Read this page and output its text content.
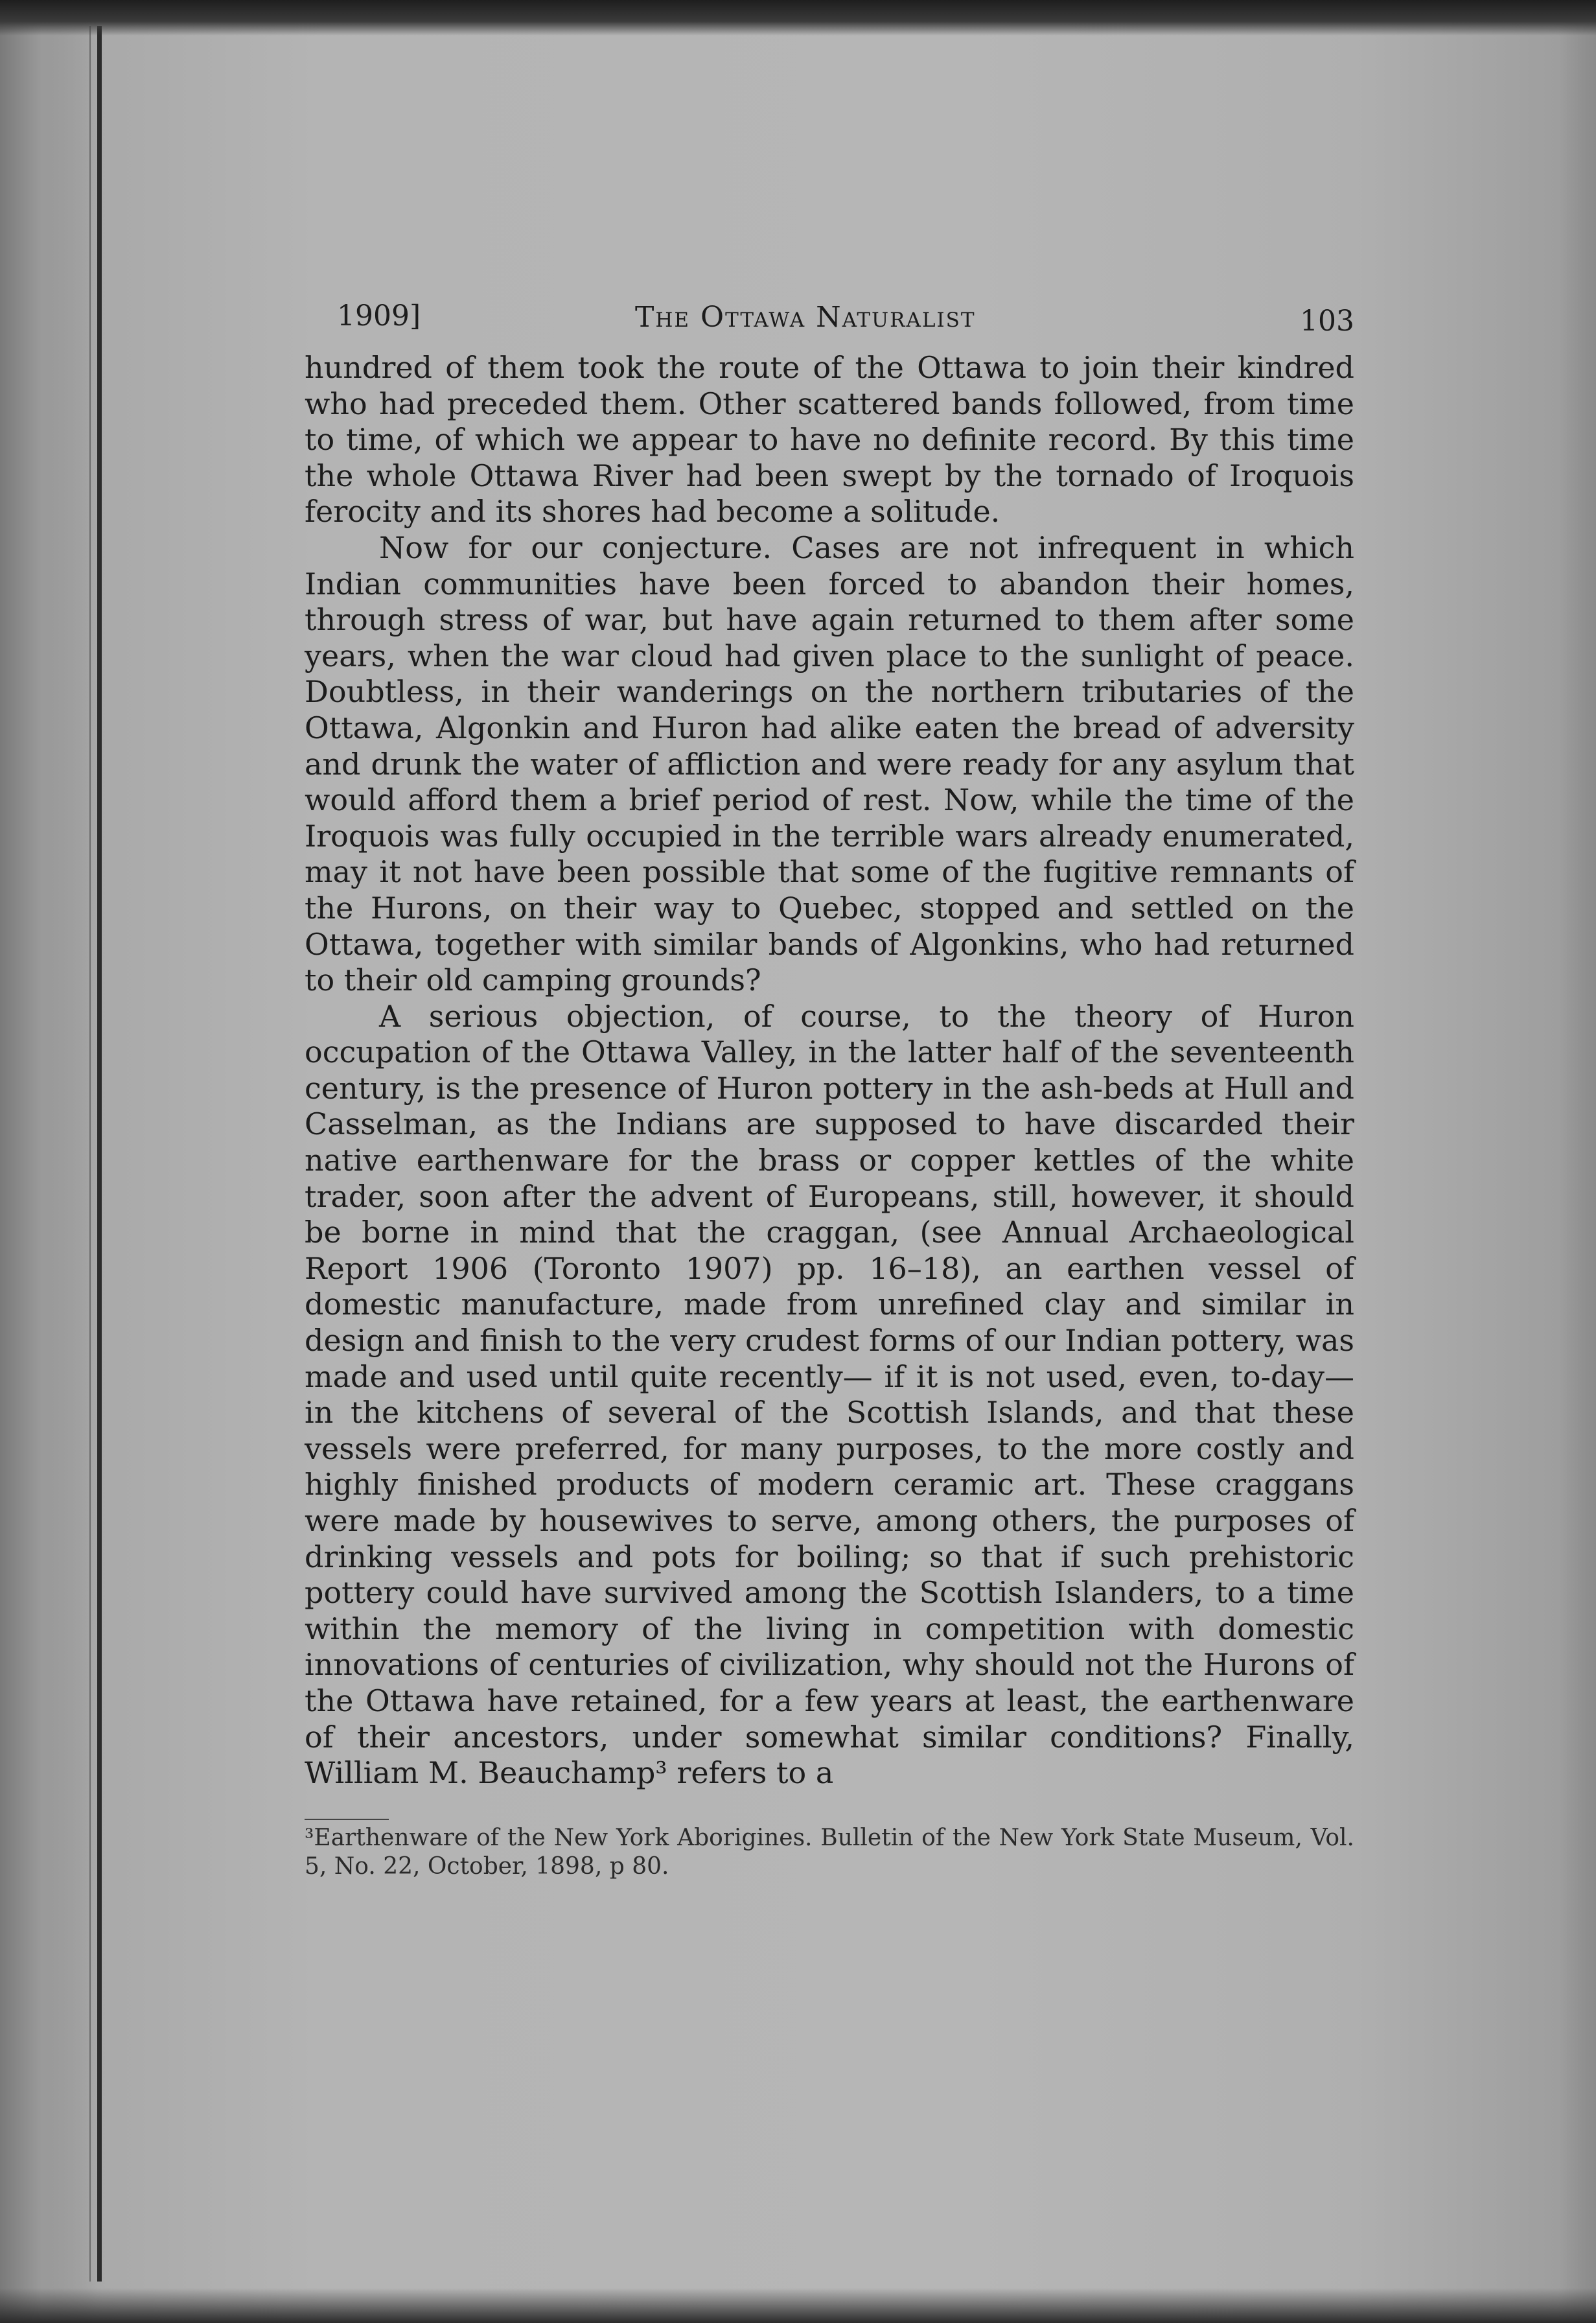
1909]	The Ottawa Naturalist	103

hundred of them took the route of the Ottawa to join their kindred who had preceded them. Other scattered bands followed, from time to time, of which we appear to have no definite record. By this time the whole Ottawa River had been swept by the tornado of Iroquois ferocity and its shores had become a solitude.

Now for our conjecture. Cases are not infrequent in which Indian communities have been forced to abandon their homes, through stress of war, but have again returned to them after some years, when the war cloud had given place to the sunlight of peace. Doubtless, in their wanderings on the northern tributaries of the Ottawa, Algonkin and Huron had alike eaten the bread of adversity and drunk the water of affliction and were ready for any asylum that would afford them a brief period of rest. Now, while the time of the Iroquois was fully occupied in the terrible wars already enumerated, may it not have been possible that some of the fugitive remnants of the Hurons, on their way to Quebec, stopped and settled on the Ottawa, together with similar bands of Algonkins, who had returned to their old camping grounds?

A serious objection, of course, to the theory of Huron occupation of the Ottawa Valley, in the latter half of the seventeenth century, is the presence of Huron pottery in the ash-beds at Hull and Casselman, as the Indians are supposed to have discarded their native earthenware for the brass or copper kettles of the white trader, soon after the advent of Europeans, still, however, it should be borne in mind that the craggan, (see Annual Archaeological Report 1906 (Toronto 1907) pp. 16–18), an earthen vessel of domestic manufacture, made from unrefined clay and similar in design and finish to the very crudest forms of our Indian pottery, was made and used until quite recently— if it is not used, even, to-day—in the kitchens of several of the Scottish Islands, and that these vessels were preferred, for many purposes, to the more costly and highly finished products of modern ceramic art. These craggans were made by housewives to serve, among others, the purposes of drinking vessels and pots for boiling; so that if such prehistoric pottery could have survived among the Scottish Islanders, to a time within the memory of the living in competition with domestic innovations of centuries of civilization, why should not the Hurons of the Ottawa have retained, for a few years at least, the earthenware of their ancestors, under somewhat similar conditions? Finally, William M. Beauchamp³ refers to a

³Earthenware of the New York Aborigines. Bulletin of the New York State Museum, Vol. 5, No. 22, October, 1898, p 80.
